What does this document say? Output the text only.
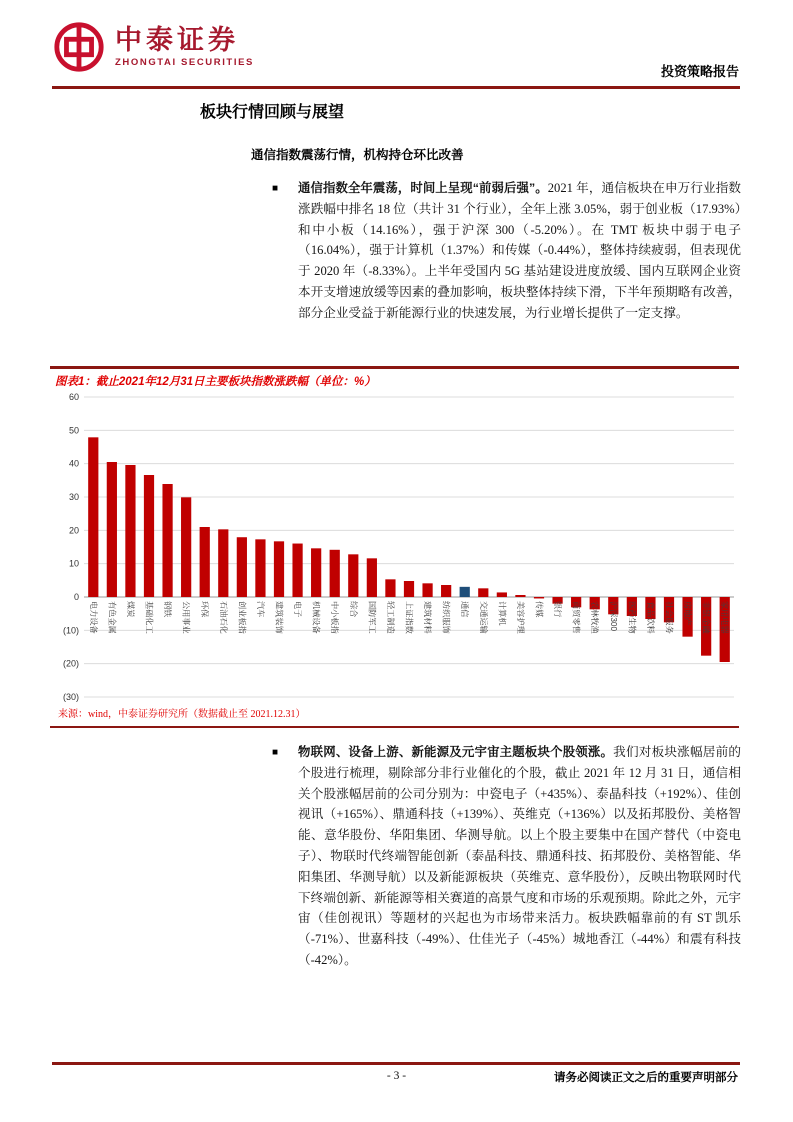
中泰证券
ZHONGTAI SECURITIES
投资策略报告
板块行情回顾与展望
通信指数震荡行情，机构持仓环比改善
■	通信指数全年震荡，时间上呈现“前弱后强”。2021 年，通信板块在申万行业指数涨跌幅中排名 18 位（共计 31 个行业），全年上涨 3.05%，弱于创业板（17.93%）和中小板（14.16%），强于沪深 300（-5.20%）。在 TMT 板块中弱于电子（16.04%），强于计算机（1.37%）和传媒（-0.44%），整体持续疲弱，但表现优于 2020 年（-8.33%）。上半年受国内 5G 基站建设进度放缓、国内互联网企业资本开支增速放缓等因素的叠加影响，板块整体持续下滑，下半年预期略有改善，部分企业受益于新能源行业的快速发展，为行业增长提供了一定支撑。

图表1：截止2021年12月31日主要板块指数涨跌幅（单位：%）
(30)
(20)
(10)
0
10
20
30
40
50
60
电力设备 有色金属 煤炭 基础化工 钢铁 公用事业 环保 石油石化 创业板指 汽车 建筑装饰 电子 机械设备 中小板指 综合 国防军工 轻工制造 上证指数 建筑材料 纺织服饰 通信 交通运输 计算机 美容护理 传媒 银行 商贸零售 农林牧渔 沪深300 医药生物 食品饮料 社会服务 房地产 非银金融 家用电器
来源：wind，中泰证券研究所（数据截止至 2021.12.31）
■	物联网、设备上游、新能源及元宇宙主题板块个股领涨。我们对板块涨幅居前的个股进行梳理，剔除部分非行业催化的个股，截止 2021 年 12 月 31 日，通信相关个股涨幅居前的公司分别为：中瓷电子（+435%）、泰晶科技（+192%）、佳创视讯（+165%）、鼎通科技（+139%）、英维克（+136%）以及拓邦股份、美格智能、意华股份、华阳集团、华测导航。以上个股主要集中在国产替代（中瓷电子）、物联时代终端智能创新（泰晶科技、鼎通科技、拓邦股份、美格智能、华阳集团、华测导航）以及新能源板块（英维克、意华股份），反映出物联网时代下终端创新、新能源等相关赛道的高景气度和市场的乐观预期。除此之外，元宇宙（佳创视讯）等题材的兴起也为市场带来活力。板块跌幅靠前的有 ST 凯乐（-71%）、世嘉科技（-49%）、仕佳光子（-45%）城地香江（-44%）和震有科技（-42%）。

- 3 -	请务必阅读正文之后的重要声明部分
